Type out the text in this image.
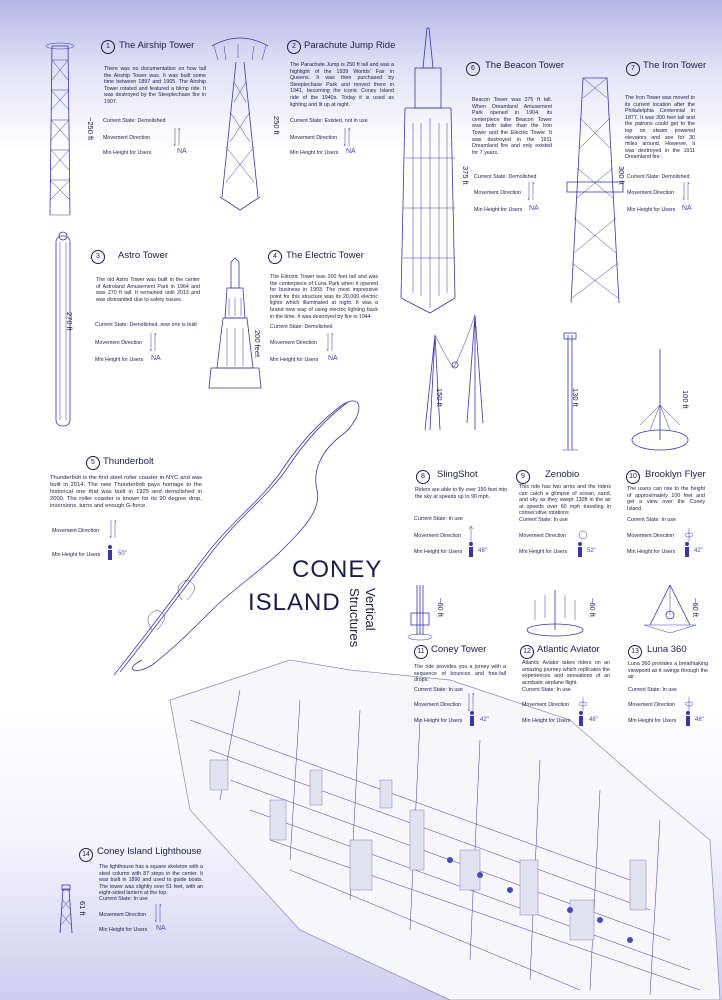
CONEY
ISLAND Vertical
Structures
1 The Airship Tower
There was no documentation on how tall the Airship Tower was. It was built some time between 1897 and 1905. The Airship Tower rotated and featured a blimp ride. It was destroyed by the Steeplechase fire in 1907.
~250 ft Current State: Demolished
Movement Direction
Min Height for Users	NA
2 Parachute Jump Ride
The Parachute Jump is 250 ft tall and was a highlight of the 1939 Worlds' Fair in Queens. It was then purchased by Steeplechase Park and moved there in 1941, becoming the iconic Coney Island ride of the 1940s. Today it is used as lighting and lit up at night.
250 ft Current State: Existed, not in use
Movement Direction
Min Height for Users NA
3	Astro Tower
The old Astro Tower was built in the center of Astroland Amusement Park in 1964 and was 270 ft tall. It remained until 2013 and was dismantled due to safety issues.
270 ft	Current State: Demolished, new one is built
Movement Direction
Min Height for Users NA
4 The Electric Tower
The Electric Tower was 200 feet tall and was the centerpiece of Luna Park when it opened for business in 1903. The most impressive point for this structure was its 20,000 electric lights which illuminated at night. It was a brand new way of using electric lighting back in the time. It was destroyed by fire in 1944.
200 feet
Current State: Demolished
Movement Direction
Min Height for Users NA
5 Thunderbolt
Thunderbolt is the first steel roller coaster in NYC and was built in 2014. The new Thunderbolt pays homage to the historical one that was built in 1925 and demolished in 2000. The roller coaster is known for its 90 degree drop, inversions, turns and enough G-force.
Movement Direction
Min Height for Users	50"
6	The Beacon Tower
Beacon Tower was 375 ft tall. When Dreamland Amusement Park opened in 1904, its centerpiece the Beacon Tower was both taller than the Iron Tower and the Electric Tower. It was destroyed in the 1911 Dreamland fire and only existed for 7 years.
375 ft Current State: Demolished
Movement Direction
Min Height for Users NA
7 The Iron Tower
The Iron Tower was moved to its current location after the Philadelphia Centennial in 1877. It was 300 feet tall and the patrons could get to the top on steam powered elevators and see for 30 miles around. However, it was destroyed in the 1911 Dreamland fire.
300 ft Current State: Demolished
Movement Direction
Min Height for Users NA
150 ft
8	SlingShot
Riders are able to fly over 150 feet into the sky at speeds up to 90 mph.
Current State: In use
Movement Direction
Min Height for Users	48"
130 ft
9	Zenobio
This ride has two arms and the riders can catch a glimpse of ocean, sand, and sky as they swept 130ft in the air at speeds over 60 mph traveling in consecutive rotations
Current State: In use
Movement Direction
Min Height for Users	52"
100 ft
10 Brooklyn Flyer
The users can rise to the height of approximately 100 feet and get a view over the Coney Island.
Current State: In use
Movement Direction
Min Height for Users	42"
~60 ft
11 Coney Tower
The ride provides you a jorney with a sequence of bounces and free-fall drops.
Current State: In use
Movement Direction
Min Height for Users	42"
~60 ft
12 Atlantic Aviator
Atlantic Aviator takes riders on an amazing journey which replicates the experiences and sensations of an acrobatic airplane flight.
Current State: In use
Movement Direction
Min Height for Users	48"
~60 ft
13 Luna 360
Luna 360 provides a breathtaking viewpoint as it swings through the air.
Current State: In use
Movement Direction
Min Height for Users	48"
14 Coney Island Lighthouse
The lighthouse has a square skeleton with a steel column with 87 steps in the center. It was built in 1890 and used to guide boats. The tower was slightly over 61 feet, with an eight-sided lantern at the top.
61 ft
Current State: In use
Movement Direction
Min Height for Users NA
